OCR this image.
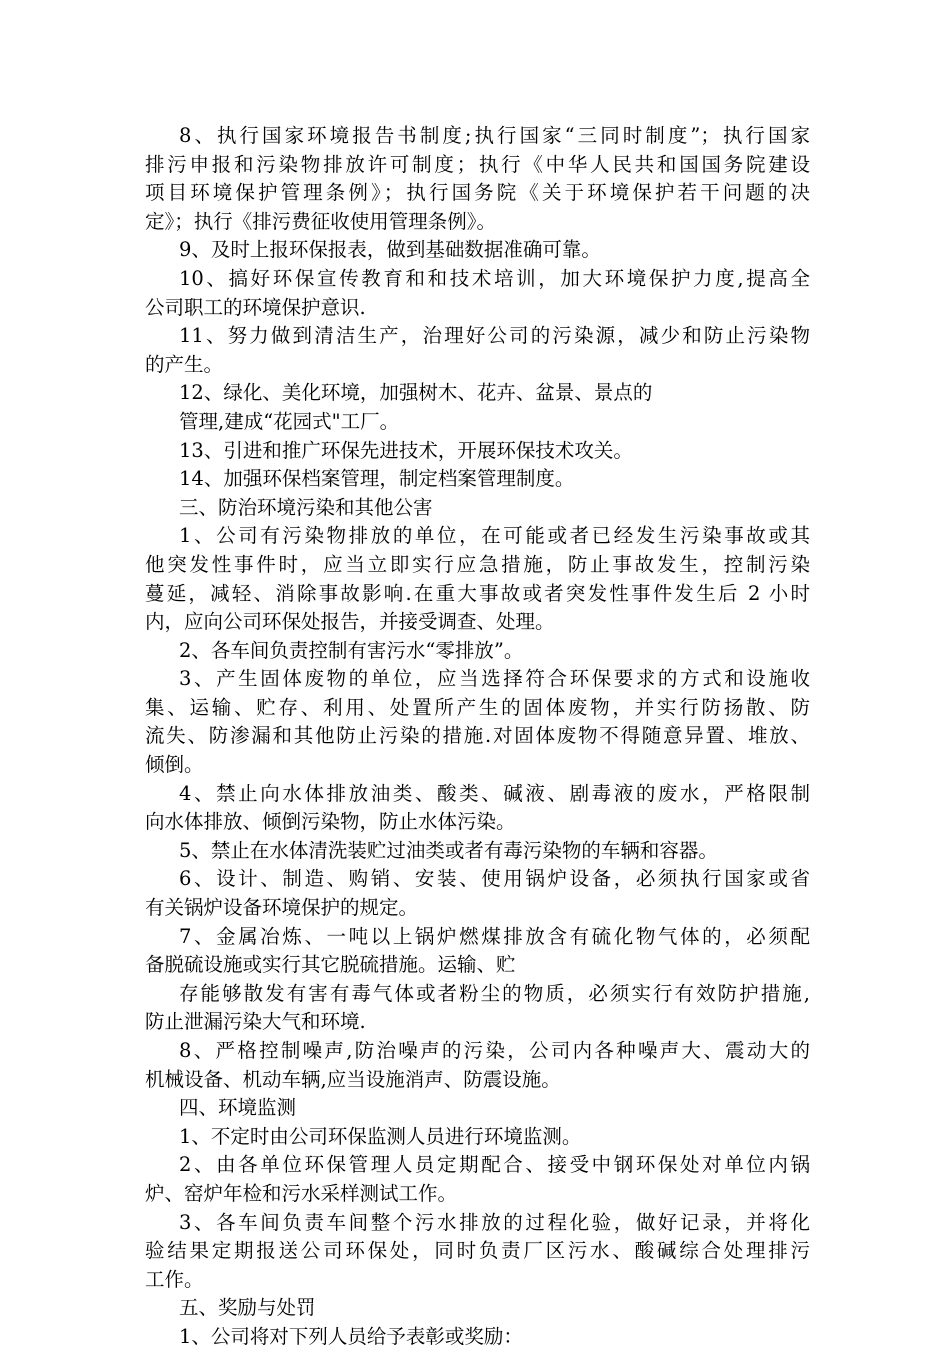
8、执行国家环境报告书制度;执行国家“三同时制度”；执行国家
排污申报和污染物排放许可制度；执行《中华人民共和国国务院建设
项目环境保护管理条例》；执行国务院《关于环境保护若干问题的决
定》；执行《排污费征收使用管理条例》。
9、及时上报环保报表，做到基础数据准确可靠。
10、搞好环保宣传教育和和技术培训，加大环境保护力度,提高全
公司职工的环境保护意识.
11、努力做到清洁生产，治理好公司的污染源，减少和防止污染物
的产生。
12、绿化、美化环境，加强树木、花卉、盆景、景点的
管理,建成“花园式"工厂。
13、引进和推广环保先进技术，开展环保技术攻关。
14、加强环保档案管理，制定档案管理制度。
三、防治环境污染和其他公害
1、公司有污染物排放的单位，在可能或者已经发生污染事故或其
他突发性事件时，应当立即实行应急措施，防止事故发生，控制污染
蔓延，减轻、消除事故影响.在重大事故或者突发性事件发生后 2 小时
内，应向公司环保处报告，并接受调查、处理。
2、各车间负责控制有害污水“零排放”。
3、产生固体废物的单位，应当选择符合环保要求的方式和设施收
集、运输、贮存、利用、处置所产生的固体废物，并实行防扬散、防
流失、防渗漏和其他防止污染的措施.对固体废物不得随意异置、堆放、
倾倒。
4、禁止向水体排放油类、酸类、碱液、剧毒液的废水，严格限制
向水体排放、倾倒污染物，防止水体污染。
5、禁止在水体清洗装贮过油类或者有毒污染物的车辆和容器。
6、设计、制造、购销、安装、使用锅炉设备，必须执行国家或省
有关锅炉设备环境保护的规定。
7、金属冶炼、一吨以上锅炉燃煤排放含有硫化物气体的，必须配
备脱硫设施或实行其它脱硫措施。运输、贮
存能够散发有害有毒气体或者粉尘的物质，必须实行有效防护措施,
防止泄漏污染大气和环境.
8、严格控制噪声,防治噪声的污染，公司内各种噪声大、震动大的
机械设备、机动车辆,应当设施消声、防震设施。
四、环境监测
1、不定时由公司环保监测人员进行环境监测。
2、由各单位环保管理人员定期配合、接受中钢环保处对单位内锅
炉、窑炉年检和污水采样测试工作。
3、各车间负责车间整个污水排放的过程化验，做好记录，并将化
验结果定期报送公司环保处，同时负责厂区污水、酸碱综合处理排污
工作。
五、奖励与处罚
1、公司将对下列人员给予表彰或奖励：
